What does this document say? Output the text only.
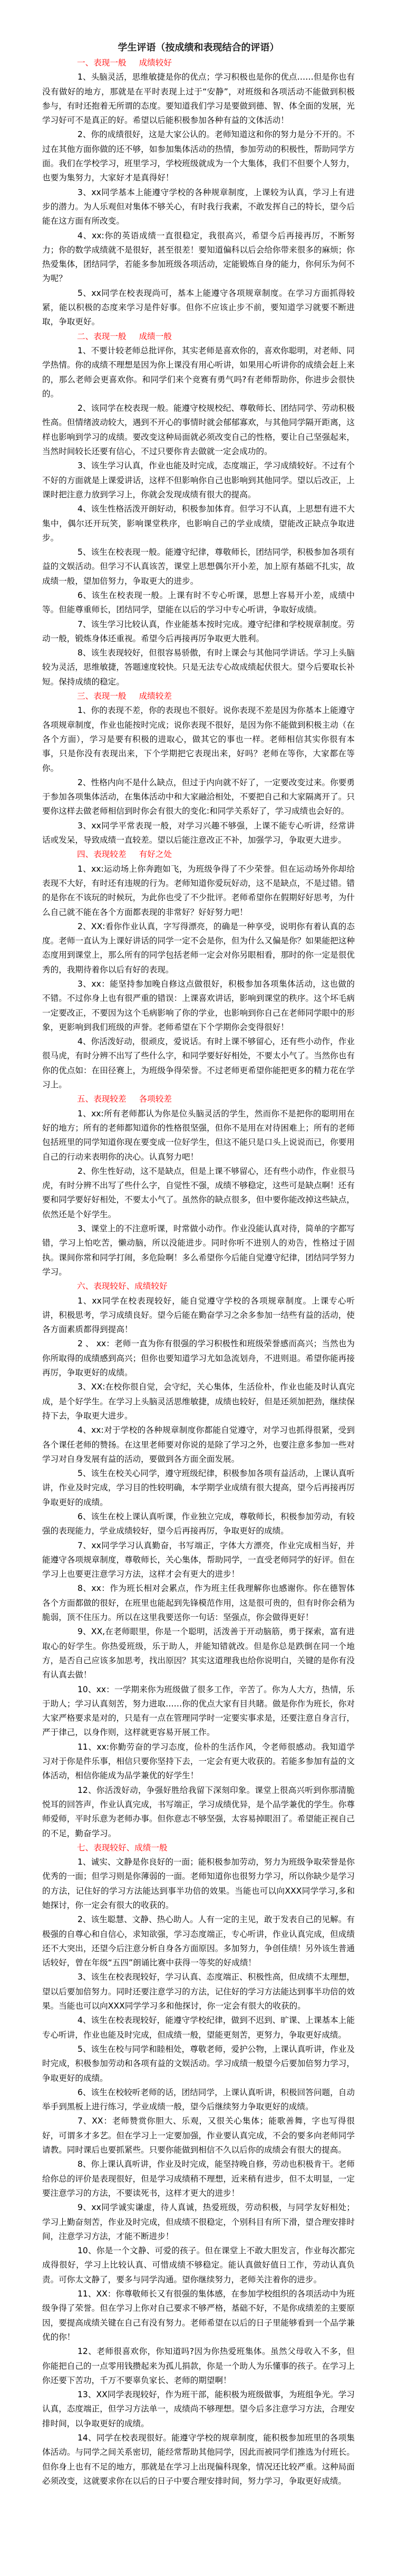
学生评语（按成绩和表现结合的评语）

一、表现一般 成绩较好

1、头脑灵活，思维敏捷是你的优点；学习积极也是你的优点……但是你也有没有做好的地方，那就是在平时表现上过于“安静”，对班级和各项活动不能做到积极参与，有时还抱着无所谓的态度。要知道我们学习是要做到德、智、体全面的发展，光学习好可不是真正的好。希望以后能积极参加各种有益的文体活动！

2、你的成绩很好，这是大家公认的。老师知道这和你的努力是分不开的。不过在其他方面你做的还不够，如参加集体活动的热情，参加劳动的积极性，帮助同学方面。我们在学校学习，班里学习，学校班级就成为一个大集体，我们不但要个人努力，也要为集努力，大家好才是真得好！

3、xx同学基本上能遵守学校的各种规章制度，上课较为认真，学习上有进步的潜力。为人乐观但对集体不够关心，有时我行我素，不敢发挥自己的特长，望今后能在这方面有所改变。

4、xx:你的英语成绩一直很稳定，我很高兴，希望今后再接再厉，不断努力；你的数学成绩就不是很好，甚至很差！要知道偏科以后会给你带来很多的麻烦；你热爱集体，团结同学，若能多参加班级各项活动，定能锻炼自身的能力，你何乐为何不为呢？

5、xx同学在校表现尚可，基本上能遵守各项规章制度。在学习方面抓得较紧，能以积极的态度来学习是件好事。但你不应该止步不前，要知道学习就要不断进取，争取更好。

二、表现一般 成绩一般

1、不要计较老师总批评你，其实老师是喜欢你的，喜欢你聪明，对老师、同学热情。你的成绩不理想是因为你上课没有用心听讲，如果用心听讲你的成绩会赶上来的，那么老师会更喜欢你。和同学们来个竞赛有勇气吗?有老师帮助你，你进步会很快的。

2、该同学在校表现一般。能遵守校规校纪、尊敬师长、团结同学、劳动积极性高。但情绪波动较大，遇到不开心的事情时就会郁郁寡欢，与其他同学隔开距离，这样也影响到学习的成绩。要改变这种局面就必须改变自己的性格，要让自己坚强起来，当然时间较长还要有信心，不过只要你肯去做就一定会成功的。

3、该生学习认真，作业也能及时完成，态度端正，学习成绩较好。不过有个不好的方面就是上课爱讲话，这样不但影响你自己也影响到其他同学。望以后改正，上课时把注意力放到学习上，你就会发现成绩有很大的提高。

4、该生性格活泼开朗好动，积极参加体育。但学习不认真，上思想有进不大集中，偶尔还开玩笑，影响课堂秩序，也影响自己的学业成绩，望能改正缺点争取进步。

5、该生在校表现一般。能遵守纪律，尊敬师长，团结同学，积极参加各项有益的文娱活动。但学习不认真该苦，课堂上思想偶尔开小差，加上原有基础不扎实，故成绩一般，望加倍努力，争取更大的进步。

6、该生在校表现一般。上课有时不专心听课，思想上容易开小差，成绩中等。但能尊重师长，团结同学，望能在以后的学习中专心听讲，争取好成绩。

7、该生学习比较认真，作业能基本按时完成。遵守纪律和学校规章制度。劳动一般，锻炼身体还重视。希望今后再接再厉争取更大胜利。

8、该生表现较好，但很容易骄傲，有时上课会与其他同学讲话。学习上头脑较为灵活，思维敏捷，答题速度较快。只是无法专心故成绩起伏很大。望今后要取长补短。保持成绩的稳定。

三、表现一般 成绩较差

1、你的表现不差，你的表现也不很好。说你表现不差是因为你基本上能遵守各项规章制度，作业也能按时完成；说你表现不很好，是因为你不能做到积极主动（在各个方面），学习是要有积极的进取心，做其它的事也一样。老师相信其实你很有本事，只是你没有表现出来，下个学期把它表现出来，好吗？老师在等你，大家都在等你。

2、性格内向不是什么缺点，但过于内向就不好了，一定要改变过来。你要勇于参加各项集体活动，在集体活动中和大家融洽相处，不要把自己和大家隔离开了。只要你这样去做老师相信到时你会有很大的变化:和同学关系好了，学习成绩也会好的。

3、xx同学平常表现一般，对学习兴趣不够强，上课不能专心听讲，经常讲话或发呆，导致成绩一直较差。望以后能注意改正不补，加强学习，争取更大进步。

四、表现较差 有好之处

1、xx:运动场上你奔跑如飞，为班级争得了不少荣誉。但在运动场外你却给表现不大好，有时还有违规的行为。老师知道你爱玩好动，这不是缺点，不是过错。错的是你在不该玩的时候玩，为此你也受了不少批评。老师希望你在假期好好思考，为什么自己就不能在各个方面都表现的非常好？好好努力吧！

2、XX:看你作业认真，字写得漂亮，的确是一种享受，说明你有着认真的态度。老师一直认为上课好讲话的同学一定不会是你，但为什么又偏是你？如果能把这种态度用到课堂上，那么所有的同学包括老师一定会对你另眼相看，那时的你一定是很优秀的，我期待着你以后有好的表现。

3、xx：能坚持参加晚自修这点做很好，积极参加各项集体活动，这也做的不错。不过你身上也有很严重的错误：上课喜欢讲话，影响到课堂的秩序。这个坏毛病一定要改正，不要因为这个毛病影响了你的学业，也影响到你自己在老师同学眼中的形象，更影响到我们班级的声誉。老师希望在下个学期你会变得很好！

4、你活泼好动，很顽皮，爱说话。有时上课不够留心，还有些小动作，作业很马虎，有时分辨不出写了些什么字，和同学要好好相处，不要太小气了。当然你也有你的优点如：在田径赛上，为班级争得荣誉。不过老师更希望你能把更多的精力花在学习上。

五、表现较差 各项较差

1、xx:所有老师都认为你是位头脑灵活的学生，然而你不是把你的聪明用在好的地方；所有的老师都知道你的性格很坚强，但你不是用在对待困难上；所有的老师包括班里的同学知道你现在要变成一位好学生，但这不能只是口头上说说而已，你要用自己的行动来表明你的决心。认真努力吧！

2、你生性好动，这不是缺点，但是上课不够留心，还有些小动作，作业很马虎，有时分辨不出写了些什么字，自觉性不强，成绩不够稳定，这些可是缺点啊！还有要和同学要好好相处，不要太小气了。虽然你的缺点很多，但中要你能改掉这些缺点，依然还是个好学生。

3、课堂上的不注意听课，时常做小动作。作业没能认真对待，简单的字都写错，学习上怕吃苦，懒动脑，所以没能进步。同时你听不进别人的劝告，性格过于固执。课间你常和同学打闹，多危险啊！多么希望你今后能自觉遵守纪律，团结同学努力学习。

六、表现较好、成绩较好

1、xx同学在校表现较好，能自觉遵守学校的各项规章制度。上课专心听讲，积极思考，学习成绩良好。望今后能在勤奋学习之余多参加一结些有益的活动，使各方面素质都得到提高！

2 、 xx：老师一直为你有很强的学习积极性和班级荣誉感而高兴；当然也为你所取得的成绩感到高兴；但你也要知道学习尤如急流划舟，不进则退。希望你能再接再厉，争取更好的成绩。

3、XX:在校你很自觉，会守纪，关心集体，生活俭朴，作业也能及时认真完成，是个好学生。在学习上头脑灵活思维敏捷，成绩也较好，但是还须加把劲，继续保持下去，争取更大进步。

4、xx:对于学校的各种规章制度你都能自觉遵守，对学习也抓得很紧，受到各个课任老师的赞扬。在这里老师要对你说的是除了学习之外，也要注意多参加一些对学习对自身发展有益的活动，要做到各方面全面发展。

5、该生在校关心同学，遵守班级纪律，积极参加各项有益活动，上课认真听讲，作业及时完成，学习目的性较明确，本学期学业成绩有很大提高，望今后再接再厉争取更好的成绩。

6、该生在校上课认真听课，作业独立完成，尊敬师长，积极参加劳动，有较强的表现能力，学业成绩较好，望今后再接再厉，争取更好的成绩。

7、xx同学学习认真勤奋，书写端正，字体大方漂亮，作业完成相当好，并能遵守各项规章制度，尊敬师长，关心集体，帮助同学，一直受老师同学的好评。但在学习上也要更注意学习方法，这样才会有更大的进步！

8、xx：作为班长相对会累点，作为班主任我理解你也感谢你。你在德智体各个方面都做的很好，在班里也能起到先锋模范作用，这是很可贵的，但有时你会稍为脆弱，顶不住压力。所以在这里我要送你一句话：坚强点，你会做得更好！

9、XX,在老师眼里，你是一个聪明，活泼善于开动脑筋，勇于探索，富有进取心的好学生。你热爱班级，乐于助人，并能知错就改。但是你总是跌倒在同一个地方，是否自己应该多加思考，找出原因？其实这道理我也给你说明白，关键的是你有没有认真去做！

10、xx：一学期来你为班级做了很多工作，辛苦了。你为人大方，热情，乐于助人；学习认真刻苦，努力进取……你的优点大家有目共睹。做是你作为班长，你对大家严格要求是对的，只是有一点在管理同学时一定要实事求是，还要注意自身言行，严于律己，以身作则，这样就更容易开展工作。

11、xx:你勤劳奋的学习态度，俭朴的生活作风，令老师很感动。我知道学习对于你是件乐事，相信只要你坚持下去，一定会有更大收获的。若能多参加有益的文体活动，相信你能成为品学兼优的好学生！

12、你活泼好动，争强好胜给我留下深刻印象。课堂上很高兴听到你那清脆悦耳的回答声，作业认真完成，书写端正，学习成绩优异，是个品学兼优的学生。你尊师爱师，平时乐意为老师办事。但你意志不够坚强，太容易掉眼泪了。希望能正视自己的不足，勤奋学习。

七、表现较好、成绩一般

1、诚实、文静是你良好的一面；能积极参加劳动，努力为班级争取荣誉是你优秀的一面；但学习则是你薄弱的一面。老师知道你也很努力学习，所以你缺少是学习的方法，记住好的学习方法能达到事半功倍的效果。当能也可以向XXX同学学习,多和她探讨，你一定会有很大的收获的。

2、该生聪慧、文静、热心助人。人有一定的主见，敢于发表自己的见解。有极强的自尊心和自信心，求知欲强，学习态度端正，专心听讲，作业认真完成，但成绩还不大突出，还望今后注意分析自身各方面原因。多加努力，争创佳绩！另外该生普通话较好，曾在年级“五四”朗诵比赛中获得一等奖的好成绩！

3、该生在校表现较好，学习认真、态度端正、积极性高，但成绩不太理想，望以后要加倍努力。同时还要注意学习的方法，记住好的学习方法能达到事半功倍的效果。当能也可以向XXX同学学习多和他探讨，你一定会有很大的收获的。

4、该生在校表现较好，能遵守学校纪律，做到不迟到、旷课、上课基本上能专心听讲，作业也能及时完成，但成绩一般，望能更刻苦，更努力，争取更好成绩。

5、该生在校与同学和睦相处，尊敬老师，爱护公物，上课认真听讲，作业及时完成，积极参加劳动和各项有益的文娱活动。学习成绩一般望今后要加倍努力学习，争取更好的成绩。

6、该生在校较听老师的话，团结同学，上课认真听讲，积极回答问题，自动举手到黑板上进行练习，学业成绩一般，望今后继续努力争取更好的成绩。

7、XX：老师赞赏你胆大、乐观，又很关心集体；能歌善舞，字也写得很好，可谓多才多艺。但在学习上一定要加强，作业要认真完成，不会的要多向老师同学请教。同时课后也要抓紧些。只要你能做到相信不久以后你的成绩会有很大的提高。

8、你上课认真听讲，作业及时完成，能坚持晚自修，劳动也积极肯干。老师给你总的评价是表现很好，但是学习成绩稍不理想，近来稍有进步，但不太明显，一定要注意学习的方法，不要读死书，这样才更大的进步！

9、xx同学诚实谦虚，待人真诚，热爱班级，劳动积极，与同学友好相处；学习上勤奋刻苦，作业及时完成，但成绩不很稳定，个别科目有所下滑，望合理安排时间，注意学习方法，才能不断进步！

10、你是一个文静、可爱的孩子。但在课堂上不敢大胆发言，作业每次都完成得很好，学习上比较认真、可惜成绩不够稳定。能认真做好值日工作，劳动认真负责。可你太文静了，要多与同学沟通。望你继续努力，老师关注着你的进步。

11、XX：你尊敬师长又有很强的集体感，在参加学校组织的各项活动中为班级争得了荣誉。但在学习上你对自己要求不够严格，基础不好，不是你成绩差的主要原因，要提高成绩关键在自己有没有努力。老师希望在以后的日子里能够看到一个品学兼优的你！

12、老师很喜欢你，你知道吗?因为你热爱班集体。虽然父母收入不多，但你能把自己的一点零用钱攒起来为孤儿捐款，你是一个助人为乐懂事的孩子。在学习上你还要下苦功，千万不要辜负家长、老师的期望啊！

13、XX同学表现较好，作为班干部，能积极为班级做事，为班组争光。学习认真，态度端正，但学习方法单一，成绩尚不够理想。望今后多注意学习方法，合理安排时间，以争取更好的成绩。

14、同学在校表现很好。能遵守学校的规章制度，能积极参加班里的各项集体活动。与同学之间关系密切，能经常帮助其他同学，因此而被同学们推选为付班长。但你身上也有不足的地方，那就是在学习上出现偏科现象，情况还比较严重。这种局面必须改变，这就要求你在以后的日子中要合理安排时间，努力学习，争取更好成绩。
